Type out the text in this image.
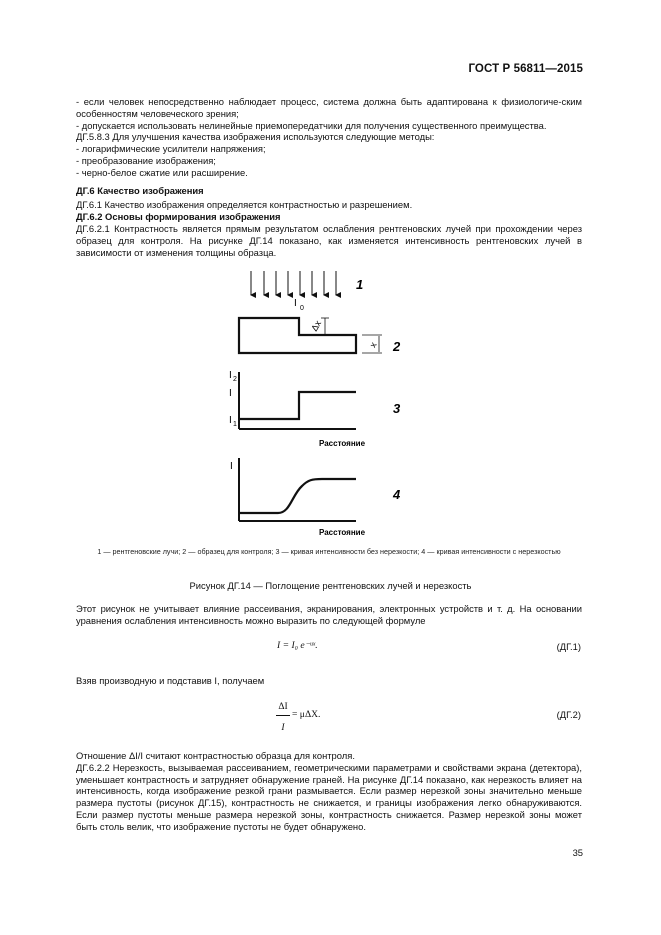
ГОСТ Р 56811—2015

- если человек непосредственно наблюдает процесс, система должна быть адаптирована к физиологиче-ским особенностям человеческого зрения;

- допускается использовать нелинейные приемопередатчики для получения существенного преимущества.

ДГ.5.8.3 Для улучшения качества изображения используются следующие методы:

- логарифмические усилители напряжения;

- преобразование изображения;

- черно-белое сжатие или расширение.

ДГ.6 Качество изображения

ДГ.6.1 Качество изображения определяется контрастностью и разрешением.

ДГ.6.2 Основы формирования изображения

ДГ.6.2.1 Контрастность является прямым результатом ослабления рентгеновских лучей при прохождении через образец для контроля. На рисунке ДГ.14 показано, как изменяется интенсивность рентгеновских лучей в зависимости от изменения толщины образца.

1
I 0
Δx
x 2
I 2
I
I 1
Расстояние
3
I
Расстояние
4
1 — рентгеновские лучи; 2 — образец для контроля; 3 — кривая интенсивности без нерезкости; 4 — кривая интенсивности с нерезкостью
Рисунок ДГ.14 — Поглощение рентгеновских лучей и нерезкость
Этот рисунок не учитывает влияние рассеивания, экранирования, электронных устройств и т. д. На основании уравнения ослабления интенсивность можно выразить по следующей формуле
I = I₀ e⁻ᵘˣ.	(ДГ.1)
Взяв производную и подставив I, получаем
ΔI
I
= μΔX.	(ДГ.2)

Отношение ΔI/I считают контрастностью образца для контроля.

ДГ.6.2.2 Нерезкость, вызываемая рассеиванием, геометрическими параметрами и свойствами экрана (детектора), уменьшает контрастность и затрудняет обнаружение граней. На рисунке ДГ.14 показано, как нерезкость влияет на интенсивность, когда изображение резкой грани размывается. Если размер нерезкой зоны значительно меньше размера пустоты (рисунок ДГ.15), контрастность не снижается, и границы изображения легко обнаруживаются. Если размер пустоты меньше размера нерезкой зоны, контрастность снижается. Размер нерезкой зоны может быть столь велик, что изображение пустоты не будет обнаружено.

35
